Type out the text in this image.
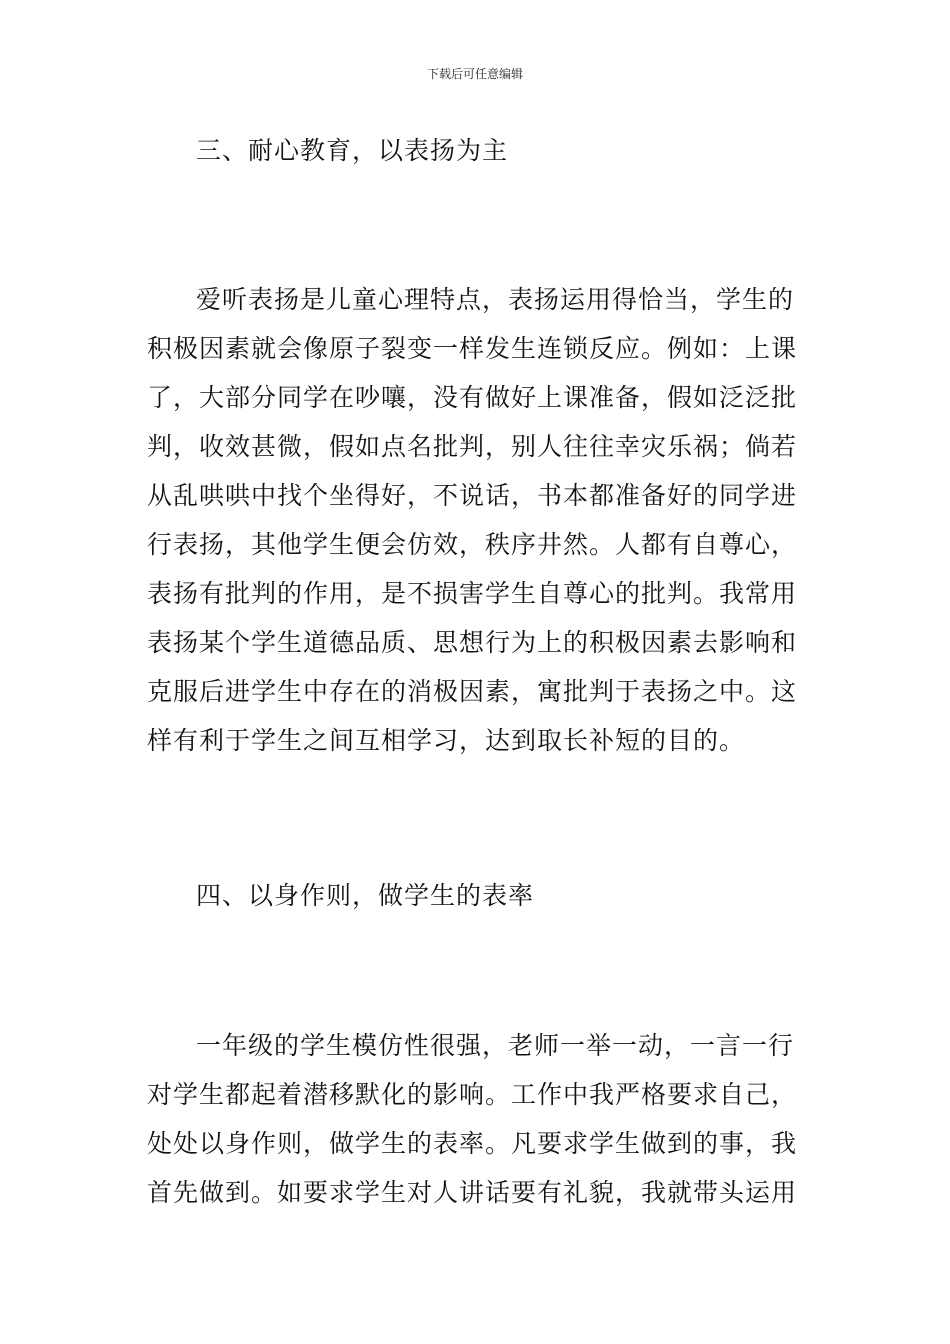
下载后可任意编辑
三、耐心教育，以表扬为主
爱听表扬是儿童心理特点，表扬运用得恰当，学生的
积极因素就会像原子裂变一样发生连锁反应。例如：上课
了，大部分同学在吵嚷，没有做好上课准备，假如泛泛批
判，收效甚微，假如点名批判，别人往往幸灾乐祸；倘若
从乱哄哄中找个坐得好，不说话，书本都准备好的同学进
行表扬，其他学生便会仿效，秩序井然。人都有自尊心，
表扬有批判的作用，是不损害学生自尊心的批判。我常用
表扬某个学生道德品质、思想行为上的积极因素去影响和
克服后进学生中存在的消极因素，寓批判于表扬之中。这
样有利于学生之间互相学习，达到取长补短的目的。
四、以身作则，做学生的表率
一年级的学生模仿性很强，老师一举一动，一言一行
对学生都起着潜移默化的影响。工作中我严格要求自己，
处处以身作则，做学生的表率。凡要求学生做到的事，我
首先做到。如要求学生对人讲话要有礼貌，我就带头运用
